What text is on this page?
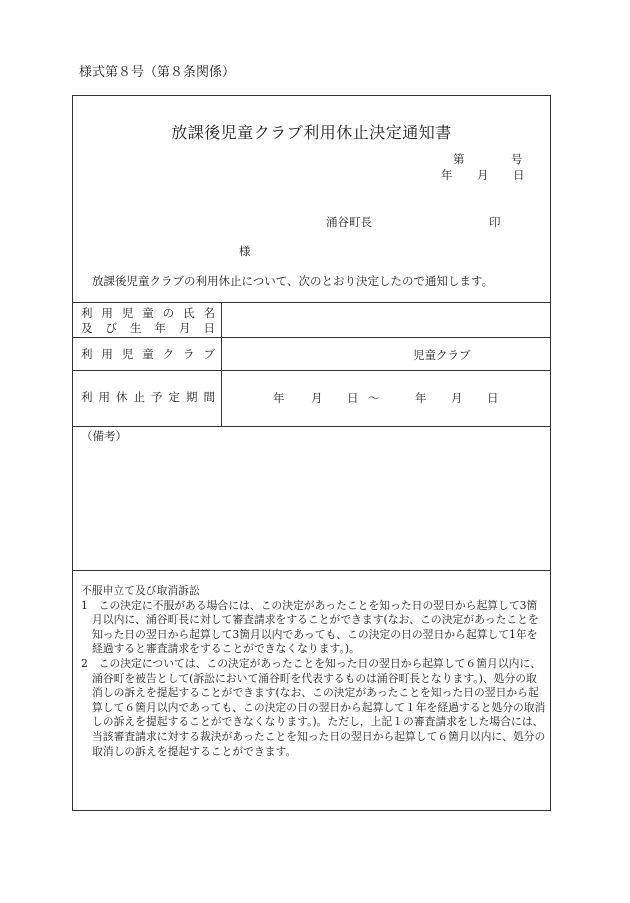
様式第８号（第８条関係）
放課後児童クラブ利用休止決定通知書
第	号
年 月 日
涌谷町長	印
様
放課後児童クラブの利用休止について、次のとおり決定したので通知します。
利 用 児 童 の 氏 名
及 び 生 年 月 日
利 用 児 童 ク ラ ブ	児童クラブ
利 用 休 止 予 定 期 間	年 月 日 ～	年 月 日
（備考）

不服申立て及び取消訴訟

1　この決定に不服がある場合には、この決定があったことを知った日の翌日から起算して3箇月以内に、涌谷町長に対して審査請求をすることができます(なお、この決定があったことを知った日の翌日から起算して3箇月以内であっても、この決定の日の翌日から起算して1年を経過すると審査請求をすることができなくなります。)。

2　この決定については、この決定があったことを知った日の翌日から起算して６箇月以内に、涌谷町を被告として(訴訟において涌谷町を代表するものは涌谷町長となります。)、処分の取消しの訴えを提起することができます(なお、この決定があったことを知った日の翌日から起算して６箇月以内であっても、この決定の日の翌日から起算して１年を経過すると処分の取消しの訴えを提起することができなくなります。)。ただし，上記１の審査請求をした場合には、当該審査請求に対する裁決があったことを知った日の翌日から起算して６箇月以内に、処分の取消しの訴えを提起することができます。
